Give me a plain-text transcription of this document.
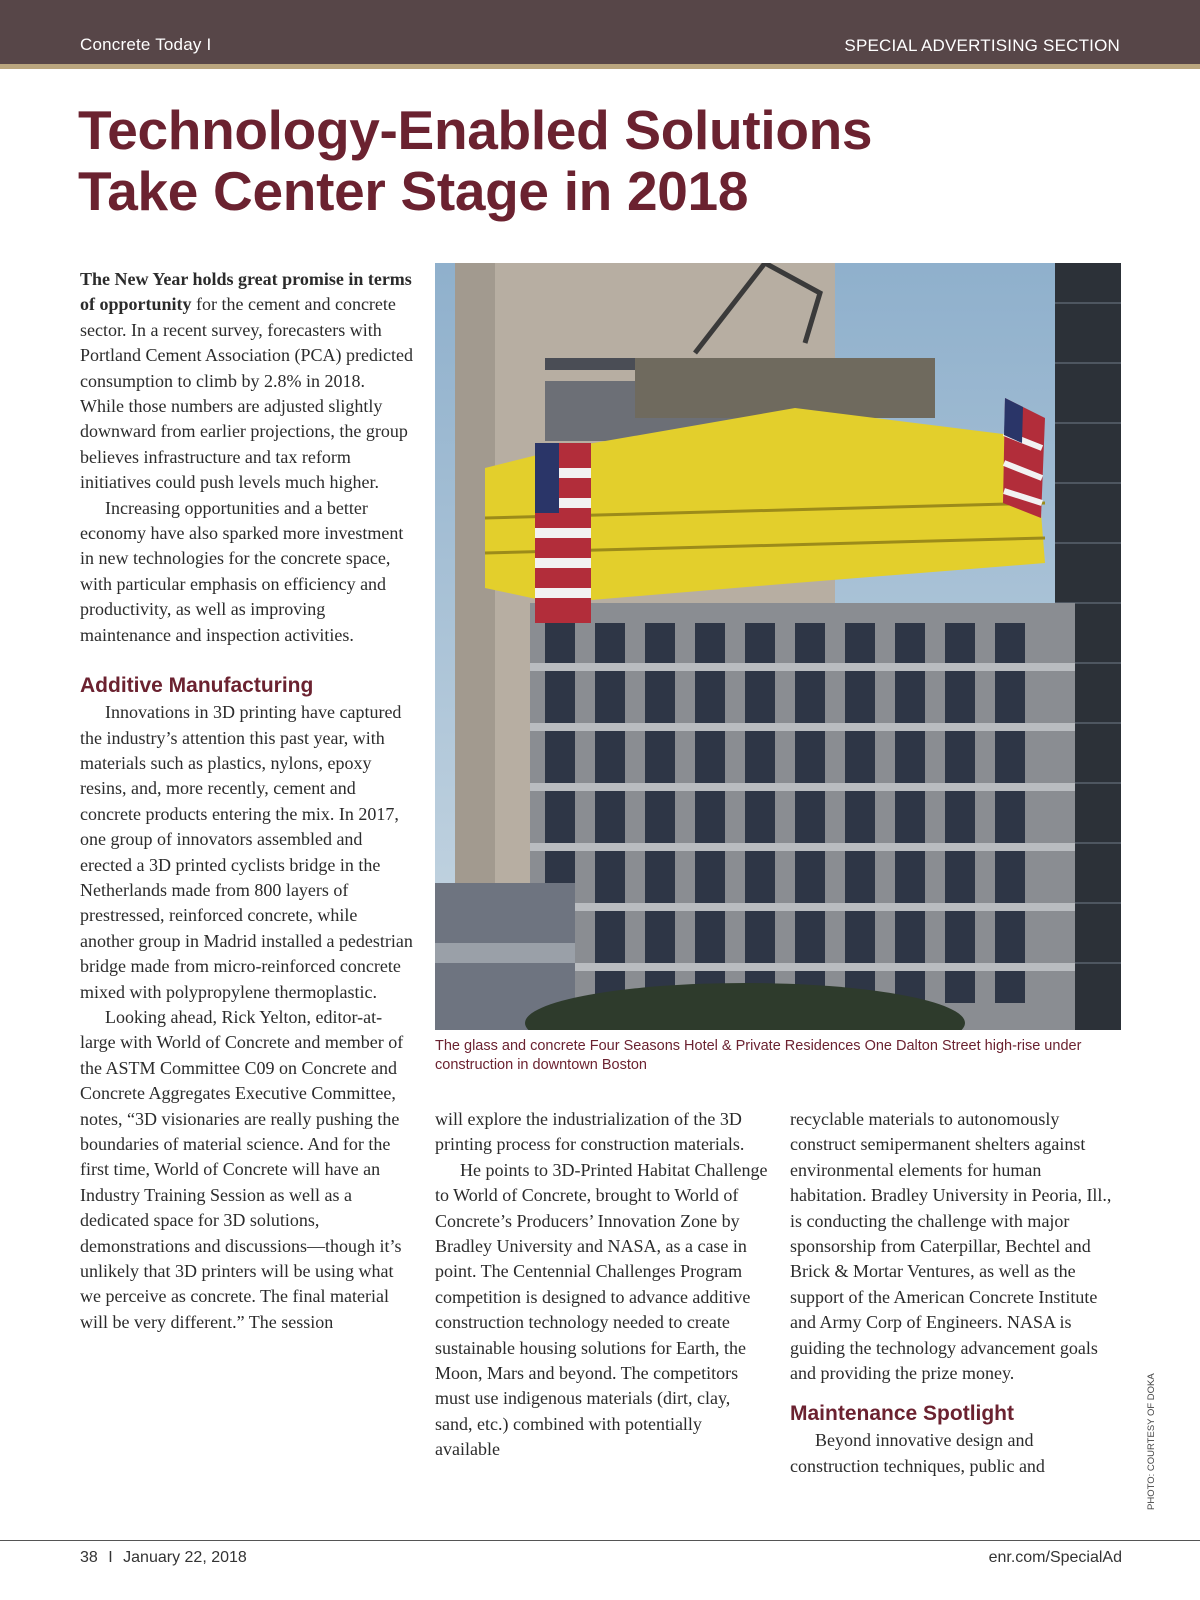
Concrete Today I	SPECIAL ADVERTISING SECTION
Technology-Enabled Solutions
Take Center Stage in 2018

The New Year holds great promise in terms of opportunity for the cement and concrete sector. In a recent survey, forecasters with Portland Cement Association (PCA) predicted consumption to climb by 2.8% in 2018. While those numbers are adjusted slightly downward from earlier projections, the group believes infrastructure and tax reform initiatives could push levels much higher.

Increasing opportunities and a better economy have also sparked more investment in new technologies for the concrete space, with particular emphasis on efficiency and productivity, as well as improving maintenance and inspection activities.

Additive Manufacturing

Innovations in 3D printing have captured the industry’s attention this past year, with materials such as plastics, nylons, epoxy resins, and, more recently, cement and concrete products entering the mix. In 2017, one group of innovators assembled and erected a 3D printed cyclists bridge in the Netherlands made from 800 layers of prestressed, reinforced concrete, while another group in Madrid installed a pedestrian bridge made from micro-reinforced concrete mixed with polypropylene thermoplastic.

Looking ahead, Rick Yelton, editor-at-large with World of Concrete and member of the ASTM Committee C09 on Concrete and Concrete Aggregates Executive Committee, notes, “3D visionaries are really pushing the boundaries of material science. And for the first time, World of Concrete will have an Industry Training Session as well as a dedicated space for 3D solutions, demonstrations and discussions—though it’s unlikely that 3D printers will be using what we perceive as concrete. The final material will be very different.” The session

The glass and concrete Four Seasons Hotel & Private Residences One Dalton Street high-rise under construction in downtown Boston
PHOTO: COURTESY OF DOKA

will explore the industrialization of the 3D printing process for construction materials.

He points to 3D-Printed Habitat Challenge to World of Concrete, brought to World of Concrete’s Producers’ Innovation Zone by Bradley University and NASA, as a case in point. The Centennial Challenges Program competition is designed to advance additive construction technology needed to create sustainable housing solutions for Earth, the Moon, Mars and beyond. The competitors must use indigenous materials (dirt, clay, sand, etc.) combined with potentially available

recyclable materials to autonomously construct semipermanent shelters against environmental elements for human habitation. Bradley University in Peoria, Ill., is conducting the challenge with major sponsorship from Caterpillar, Bechtel and Brick & Mortar Ventures, as well as the support of the American Concrete Institute and Army Corp of Engineers. NASA is guiding the technology advancement goals and providing the prize money.

Maintenance Spotlight

Beyond innovative design and construction techniques, public and

38 I January 22, 2018	enr.com/SpecialAd
